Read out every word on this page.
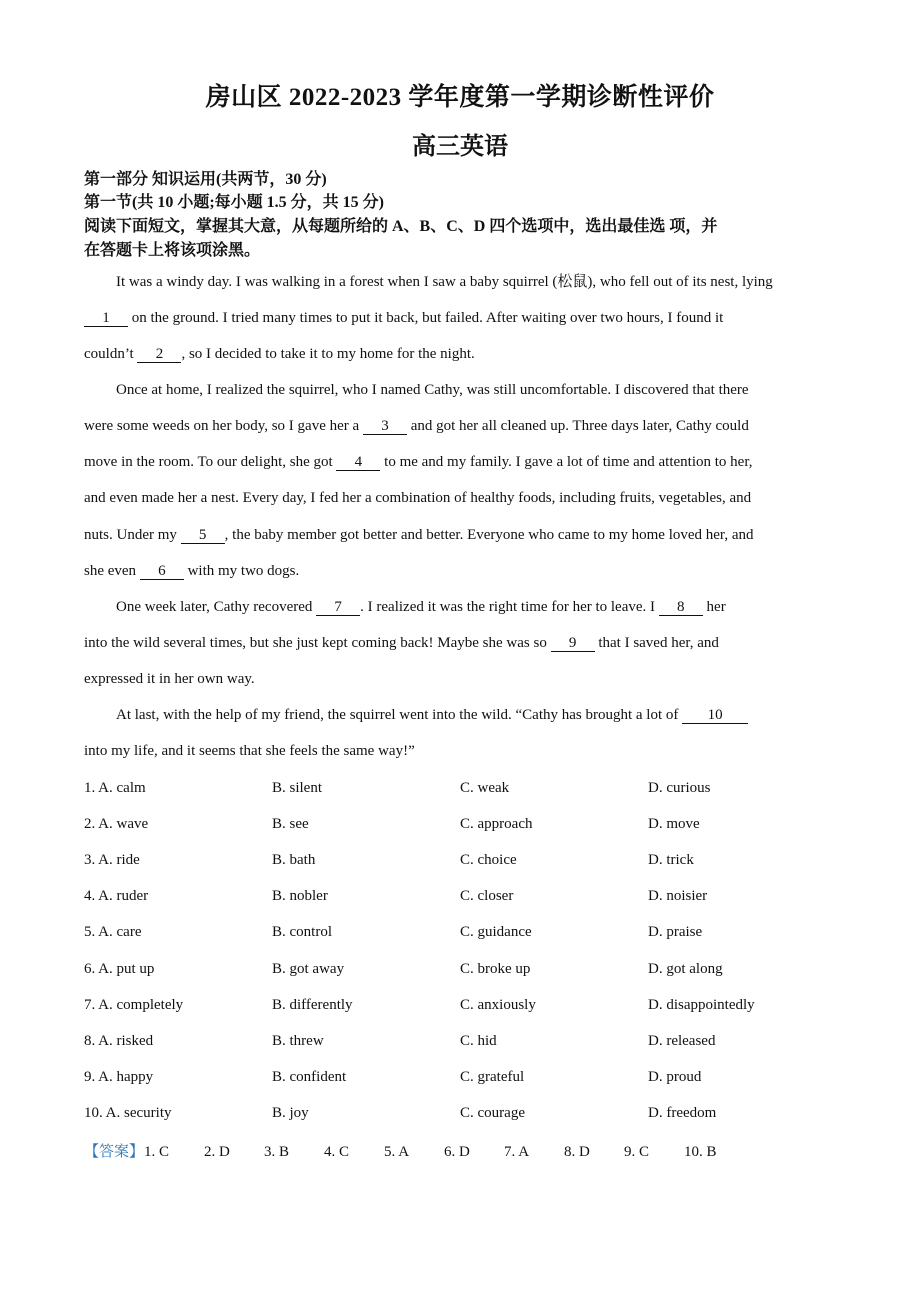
房山区 2022-2023 学年度第一学期诊断性评价
高三英语
第一部分 知识运用(共两节，30 分)
第一节(共 10 小题;每小题 1.5 分，共 15 分)
阅读下面短文，掌握其大意，从每题所给的 A、B、C、D 四个选项中，选出最佳选 项，并
在答题卡上将该项涂黑。
It was a windy day. I was walking in a forest when I saw a baby squirrel (松鼠), who fell out of its nest, lying
1 on the ground. I tried many times to put it back, but failed. After waiting over two hours, I found it
couldn’t 2 , so I decided to take it to my home for the night.
Once at home, I realized the squirrel, who I named Cathy, was still uncomfortable. I discovered that there
were some weeds on her body, so I gave her a 3 and got her all cleaned up. Three days later, Cathy could
move in the room. To our delight, she got 4 to me and my family. I gave a lot of time and attention to her,
and even made her a nest. Every day, I fed her a combination of healthy foods, including fruits, vegetables, and
nuts. Under my 5 , the baby member got better and better. Everyone who came to my home loved her, and
she even 6 with my two dogs.
One week later, Cathy recovered 7 . I realized it was the right time for her to leave. I 8 her
into the wild several times, but she just kept coming back! Maybe she was so 9 that I saved her, and
expressed it in her own way.
At last, with the help of my friend, the squirrel went into the wild. “Cathy has brought a lot of 10
into my life, and it seems that she feels the same way!”
1. A. calm	B. silent	C. weak	D. curious
2. A. wave	B. see	C. approach	D. move
3. A. ride	B. bath	C. choice	D. trick
4. A. ruder	B. nobler	C. closer	D. noisier
5. A. care	B. control	C. guidance	D. praise
6. A. put up	B. got away	C. broke up	D. got along
7. A. completely	B. differently	C. anxiously	D. disappointedly
8. A. risked	B. threw	C. hid	D. released
9. A. happy	B. confident	C. grateful	D. proud
10. A. security	B. joy	C. courage	D. freedom
【答案】1. C 2. D 3. B 4. C 5. A 6. D 7. A 8. D 9. C 10. B
